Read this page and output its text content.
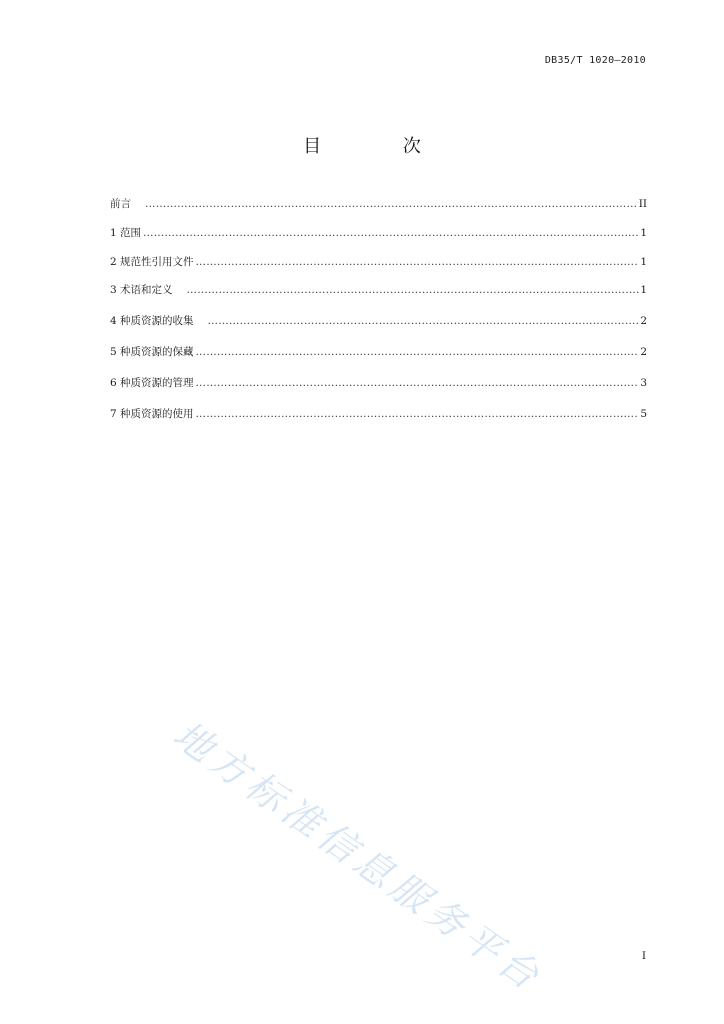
DB35/T 1020—2010
目 次
前言 …………………………………………………………………………………………………………………………………………………………………………	II
1 范围 …………………………………………………………………………………………………………………………………………………………………………	1
2 规范性引用文件 …………………………………………………………………………………………………………………………………………………………………………	1
3 术语和定义 …………………………………………………………………………………………………………………………………………………………………………	1
4 种质资源的收集 …………………………………………………………………………………………………………………………………………………………………………	2
5 种质资源的保藏 …………………………………………………………………………………………………………………………………………………………………………	2
6 种质资源的管理 …………………………………………………………………………………………………………………………………………………………………………	3
7 种质资源的使用 …………………………………………………………………………………………………………………………………………………………………………	5
地方标准信息服务平台	I
